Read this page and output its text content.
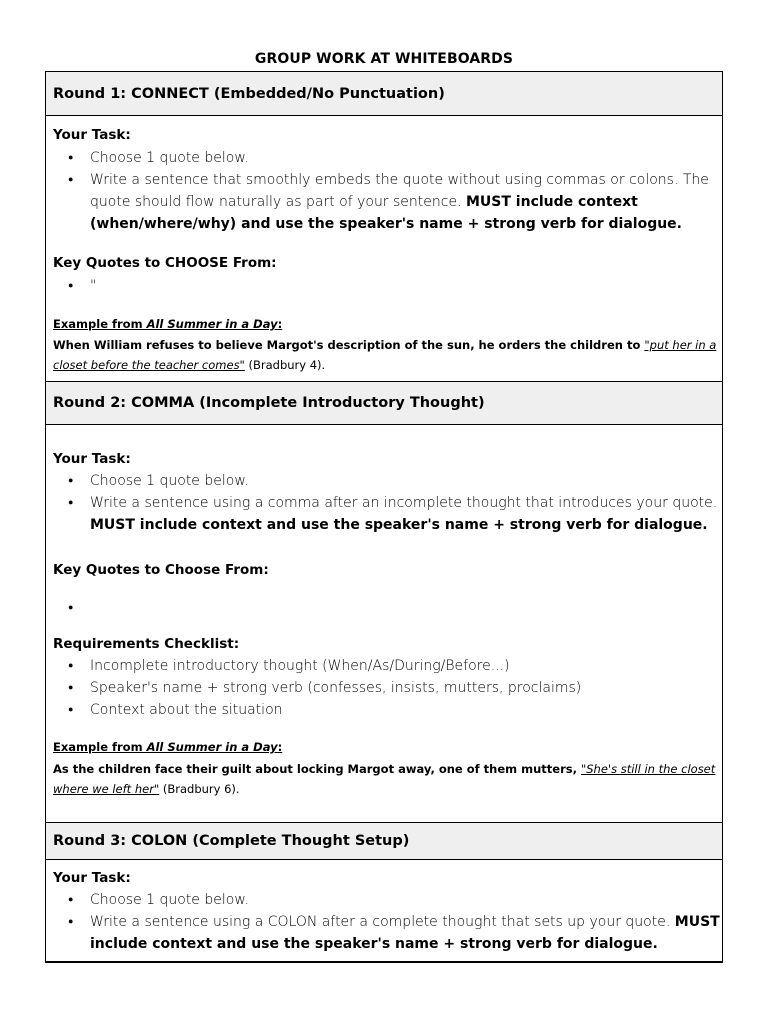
GROUP WORK AT WHITEBOARDS
Round 1: CONNECT (Embedded/No Punctuation)
Your Task:
● Choose 1 quote below.
● Write a sentence that smoothly embeds the quote without using commas or colons. The quote should flow naturally as part of your sentence. MUST include context (when/where/why) and use the speaker's name + strong verb for dialogue.
Key Quotes to CHOOSE From:
● "
Example from All Summer in a Day:
When William refuses to believe Margot's description of the sun, he orders the children to "put her in a closet before the teacher comes" (Bradbury 4).
Round 2: COMMA (Incomplete Introductory Thought)
Your Task:
● Choose 1 quote below.
● Write a sentence using a comma after an incomplete thought that introduces your quote. MUST include context and use the speaker's name + strong verb for dialogue.
Key Quotes to Choose From:
Requirements Checklist:
● Incomplete introductory thought (When/As/During/Before...)
● Speaker's name + strong verb (confesses, insists, mutters, proclaims)
● Context about the situation
Example from All Summer in a Day:
As the children face their guilt about locking Margot away, one of them mutters, "She's still in the closet where we left her" (Bradbury 6).
Round 3: COLON (Complete Thought Setup)
Your Task:
● Choose 1 quote below.
● Write a sentence using a COLON after a complete thought that sets up your quote. MUST include context and use the speaker's name + strong verb for dialogue.
